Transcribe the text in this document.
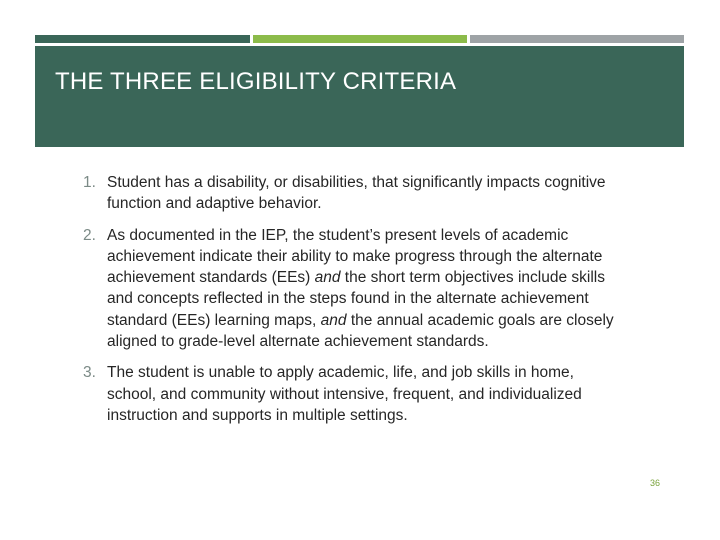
THE THREE ELIGIBILITY CRITERIA
1. Student has a disability, or disabilities, that significantly impacts cognitive function and adaptive behavior.
2. As documented in the IEP, the student’s present levels of academic achievement indicate their ability to make progress through the alternate achievement standards (EEs) and the short term objectives include skills and concepts reflected in the steps found in the alternate achievement standard (EEs) learning maps, and the annual academic goals are closely aligned to grade-level alternate achievement standards.
3. The student is unable to apply academic, life, and job skills in home, school, and community without intensive, frequent, and individualized instruction and supports in multiple settings.
36
